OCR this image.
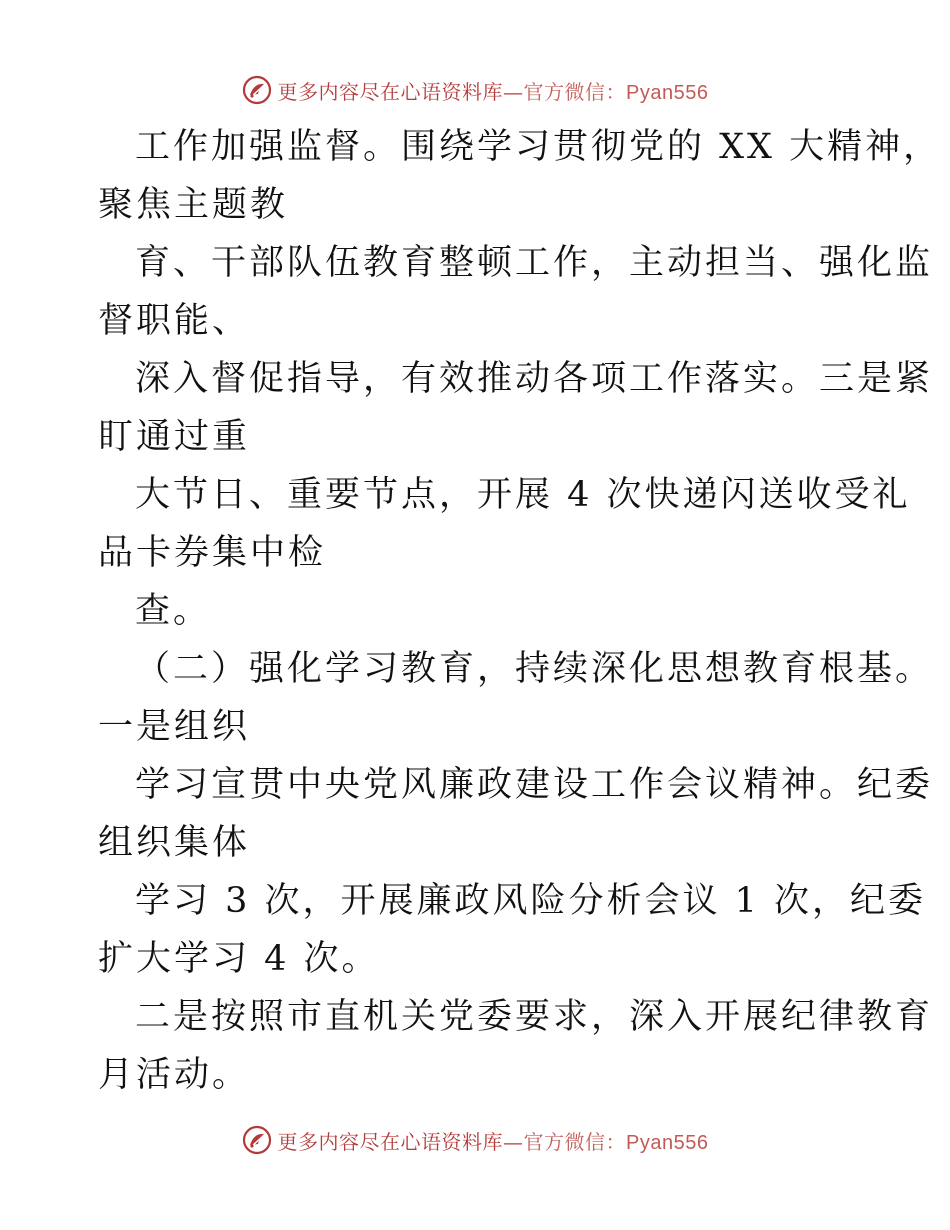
更多内容尽在心语资料库—官方微信：Pyan556
工作加强监督。围绕学习贯彻党的 XX 大精神，
聚焦主题教
育、干部队伍教育整顿工作，主动担当、强化监
督职能、
深入督促指导，有效推动各项工作落实。三是紧
盯通过重
大节日、重要节点，开展 4 次快递闪送收受礼
品卡券集中检
查。
（二）强化学习教育，持续深化思想教育根基。
一是组织
学习宣贯中央党风廉政建设工作会议精神。纪委
组织集体
学习 3 次，开展廉政风险分析会议 1 次，纪委
扩大学习 4 次。
二是按照市直机关党委要求，深入开展纪律教育
月活动。
更多内容尽在心语资料库—官方微信：Pyan556
